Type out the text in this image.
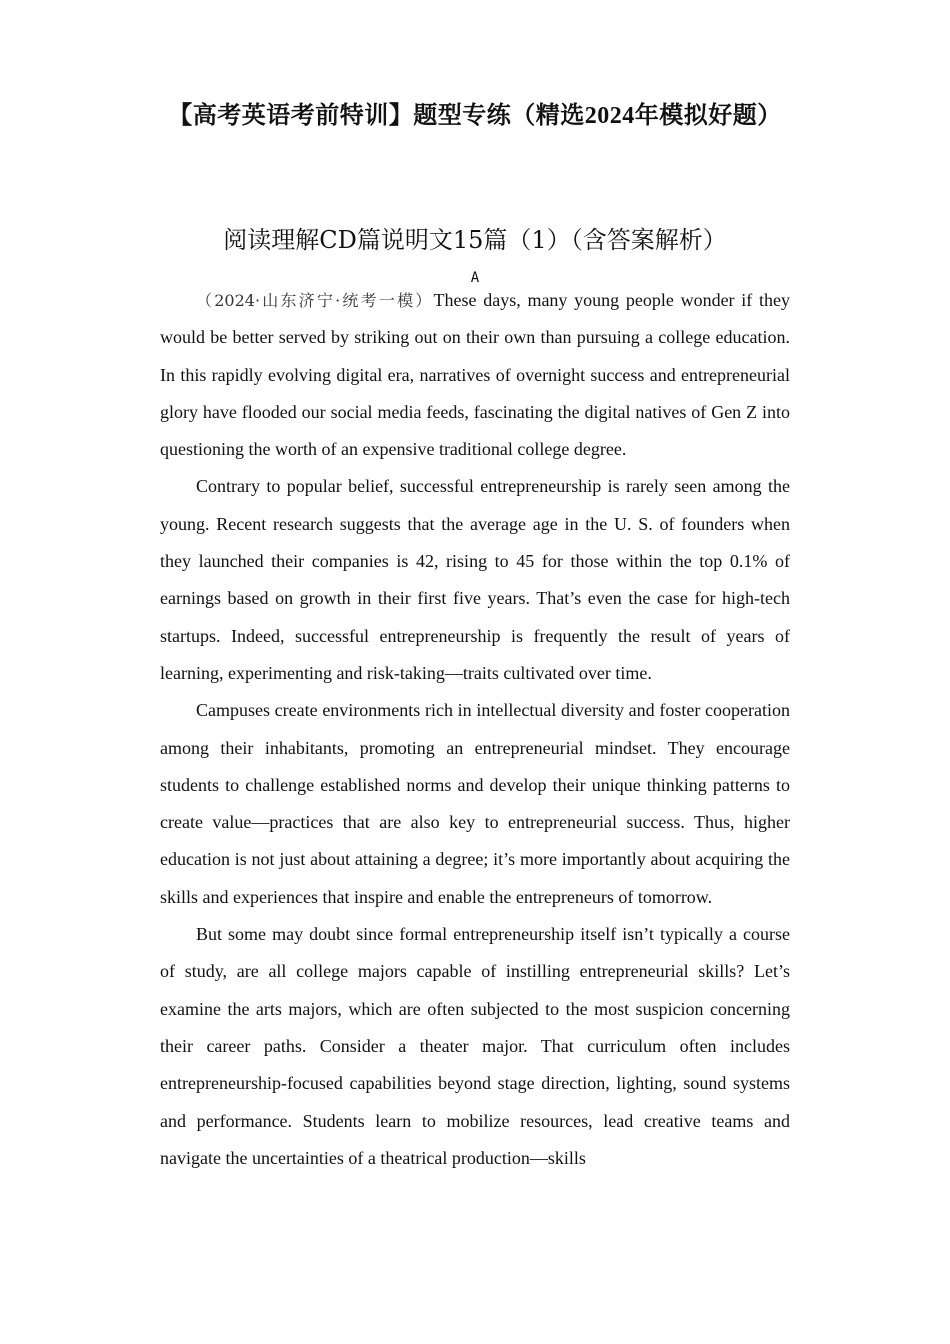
【高考英语考前特训】题型专练（精选2024年模拟好题）
阅读理解CD篇说明文15篇（1）（含答案解析）
A

（2024·山东济宁·统考一模）These days, many young people wonder if they would be better served by striking out on their own than pursuing a college education. In this rapidly evolving digital era, narratives of overnight success and entrepreneurial glory have flooded our social media feeds, fascinating the digital natives of Gen Z into questioning the worth of an expensive traditional college degree.

Contrary to popular belief, successful entrepreneurship is rarely seen among the young. Recent research suggests that the average age in the U. S. of founders when they launched their companies is 42, rising to 45 for those within the top 0.1% of earnings based on growth in their first five years. That’s even the case for high-tech startups. Indeed, successful entrepreneurship is frequently the result of years of learning, experimenting and risk-taking—traits cultivated over time.

Campuses create environments rich in intellectual diversity and foster cooperation among their inhabitants, promoting an entrepreneurial mindset. They encourage students to challenge established norms and develop their unique thinking patterns to create value—practices that are also key to entrepreneurial success. Thus, higher education is not just about attaining a degree; it’s more importantly about acquiring the skills and experiences that inspire and enable the entrepreneurs of tomorrow.

But some may doubt since formal entrepreneurship itself isn’t typically a course of study, are all college majors capable of instilling entrepreneurial skills? Let’s examine the arts majors, which are often subjected to the most suspicion concerning their career paths. Consider a theater major. That curriculum often includes entrepreneurship-focused capabilities beyond stage direction, lighting, sound systems and performance. Students learn to mobilize resources, lead creative teams and navigate the uncertainties of a theatrical production—skills
